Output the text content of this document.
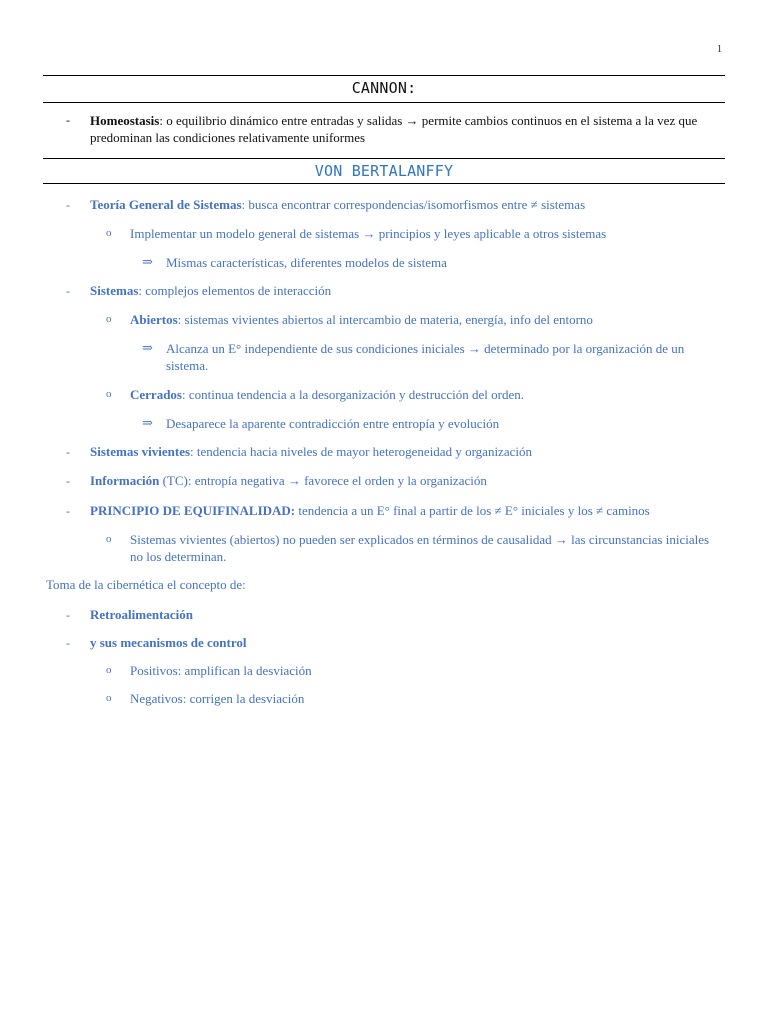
1
CANNON:
- Homeostasis: o equilibrio dinámico entre entradas y salidas → permite cambios continuos en el sistema a la vez que predominan las condiciones relativamente uniformes
VON BERTALANFFY
- Teoría General de Sistemas: busca encontrar correspondencias/isomorfismos entre ≠ sistemas
o Implementar un modelo general de sistemas → principios y leyes aplicable a otros sistemas
⇒ Mismas características, diferentes modelos de sistema
- Sistemas: complejos elementos de interacción
o Abiertos: sistemas vivientes abiertos al intercambio de materia, energía, info del entorno
⇒ Alcanza un E° independiente de sus condiciones iniciales → determinado por la organización de un sistema.
o Cerrados: continua tendencia a la desorganización y destrucción del orden.
⇒ Desaparece la aparente contradicción entre entropía y evolución
- Sistemas vivientes: tendencia hacia niveles de mayor heterogeneidad y organización
- Información (TC): entropía negativa → favorece el orden y la organización
- PRINCIPIO DE EQUIFINALIDAD: tendencia a un E° final a partir de los ≠ E° iniciales y los ≠ caminos
o Sistemas vivientes (abiertos) no pueden ser explicados en términos de causalidad → las circunstancias iniciales no los determinan.
Toma de la cibernética el concepto de:
- Retroalimentación
- y sus mecanismos de control
o Positivos: amplifican la desviación
o Negativos: corrigen la desviación
